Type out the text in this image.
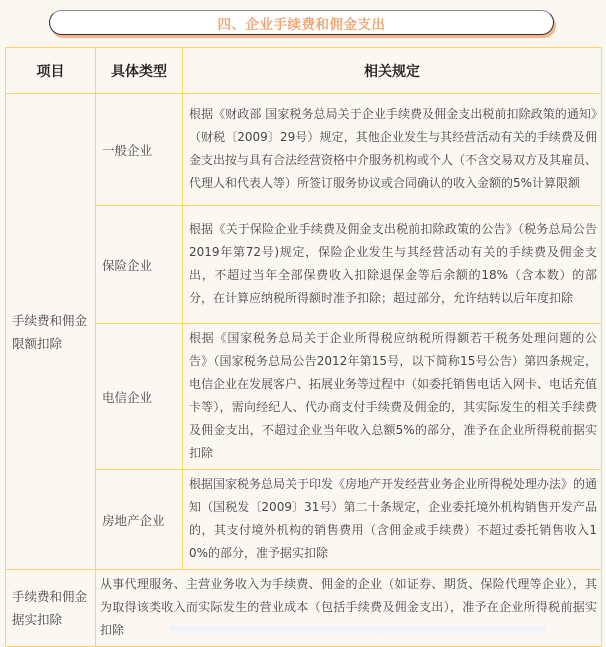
四、企业手续费和佣金支出
项目	具体类型	相关规定
手续费和佣金限额扣除	一般企业	根据《财政部 国家税务总局关于企业手续费及佣金支出税前扣除政策的通知》（财税〔2009〕29号）规定，其他企业发生与其经营活动有关的手续费及佣金支出按与具有合法经营资格中介服务机构或个人（不含交易双方及其雇员、代理人和代表人等）所签订服务协议或合同确认的收入金额的5%计算限额
	保险企业	根据《关于保险企业手续费及佣金支出税前扣除政策的公告》（税务总局公告2019年第72号)规定，保险企业发生与其经营活动有关的手续费及佣金支出，不超过当年全部保费收入扣除退保金等后余额的18%（含本数）的部分，在计算应纳税所得额时准予扣除；超过部分，允许结转以后年度扣除
	电信企业	根据《国家税务总局关于企业所得税应纳税所得额若干税务处理问题的公告》（国家税务总局公告2012年第15号，以下简称15号公告）第四条规定，电信企业在发展客户、拓展业务等过程中（如委托销售电话入网卡、电话充值卡等），需向经纪人、代办商支付手续费及佣金的，其实际发生的相关手续费及佣金支出，不超过企业当年收入总额5%的部分，准予在企业所得税前据实扣除
	房地产企业	根据国家税务总局关于印发《房地产开发经营业务企业所得税处理办法》的通知（国税发〔2009〕31号）第二十条规定，企业委托境外机构销售开发产品的，其支付境外机构的销售费用（含佣金或手续费）不超过委托销售收入10%的部分，准予据实扣除
手续费和佣金据实扣除	从事代理服务、主营业务收入为手续费、佣金的企业（如证券、期货、保险代理等企业），其为取得该类收入而实际发生的营业成本（包括手续费及佣金支出），准予在企业所得税前据实扣除	
